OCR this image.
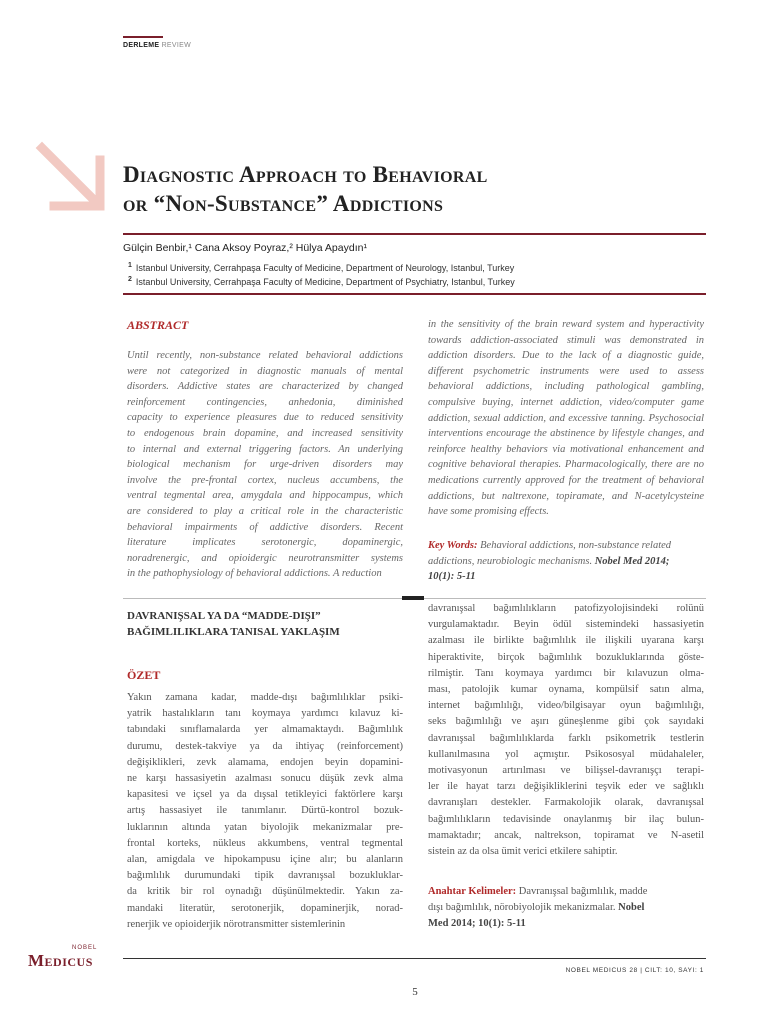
DERLEME REVIEW
Diagnostic Approach to Behavioral
or “Non-Substance” Addictions
Gülçin Benbir,¹ Cana Aksoy Poyraz,² Hülya Apaydın¹
$^1$ Istanbul University, Cerrahpaşa Faculty of Medicine, Department of Neurology, Istanbul, Turkey
$^2$ Istanbul University, Cerrahpaşa Faculty of Medicine, Department of Psychiatry, Istanbul, Turkey
ABSTRACT
Until recently, non-substance related behavioral addictions
were not categorized in diagnostic manuals of mental
disorders. Addictive states are characterized by changed
reinforcement contingencies, anhedonia, diminished
capacity to experience pleasures due to reduced sensitivity
to endogenous brain dopamine, and increased sensitivity
to internal and external triggering factors. An underlying
biological mechanism for urge-driven disorders may
involve the pre-frontal cortex, nucleus accumbens, the
ventral tegmental area, amygdala and hippocampus, which
are considered to play a critical role in the characteristic
behavioral impairments of addictive disorders. Recent
literature implicates serotonergic, dopaminergic,
noradrenergic, and opioidergic neurotransmitter systems
in the pathophysiology of behavioral addictions. A reduction
in the sensitivity of the brain reward system and hyperactivity
towards addiction-associated stimuli was demonstrated in
addiction disorders. Due to the lack of a diagnostic guide,
different psychometric instruments were used to assess
behavioral addictions, including pathological gambling,
compulsive buying, internet addiction, video/computer game
addiction, sexual addiction, and excessive tanning. Psychosocial
interventions encourage the abstinence by lifestyle changes, and
reinforce healthy behaviors via motivational enhancement and
cognitive behavioral therapies. Pharmacologically, there are no
medications currently approved for the treatment of behavioral
addictions, but naltrexone, topiramate, and N-acetylcysteine
have some promising effects.
Key Words: Behavioral addictions, non-substance related
addictions, neurobiologic mechanisms. Nobel Med 2014;
10(1): 5-11
DAVRANIŞSAL YA DA “MADDE-DIŞI”
BAĞIMLILIKLARA TANISAL YAKLAŞIM
ÖZET
Yakın zamana kadar, madde-dışı bağımlılıklar psiki-
yatrik hastalıkların tanı koymaya yardımcı kılavuz ki-
tabındaki sınıflamalarda yer almamaktaydı. Bağımlılık
durumu, destek-takviye ya da ihtiyaç (reinforcement)
değişiklikleri, zevk alamama, endojen beyin dopamini-
ne karşı hassasiyetin azalması sonucu düşük zevk alma
kapasitesi ve içsel ya da dışsal tetikleyici faktörlere karşı
artış hassasiyet ile tanımlanır. Dürtü-kontrol bozuk-
luklarının altında yatan biyolojik mekanizmalar pre-
frontal korteks, nükleus akkumbens, ventral tegmental
alan, amigdala ve hipokampusu içine alır; bu alanların
bağımlılık durumundaki tipik davranışsal bozukluklar-
da kritik bir rol oynadığı düşünülmektedir. Yakın za-
mandaki literatür, serotonerjik, dopaminerjik, norad-
renerjik ve opioiderjik nörotransmitter sistemlerinin
davranışsal bağımlılıkların patofizyolojisindeki rolünü
vurgulamaktadır. Beyin ödül sistemindeki hassasiyetin
azalması ile birlikte bağımlılık ile ilişkili uyarana karşı
hiperaktivite, birçok bağımlılık bozukluklarında göste-
rilmiştir. Tanı koymaya yardımcı bir kılavuzun olma-
ması, patolojik kumar oynama, kompülsif satın alma,
internet bağımlılığı, video/bilgisayar oyun bağımlılığı,
seks bağımlılığı ve aşırı güneşlenme gibi çok sayıdaki
davranışsal bağımlılıklarda farklı psikometrik testlerin
kullanılmasına yol açmıştır. Psikososyal müdahaleler,
motivasyonun artırılması ve bilişsel-davranışçı terapi-
ler ile hayat tarzı değişikliklerini teşvik eder ve sağlıklı
davranışları destekler. Farmakolojik olarak, davranışsal
bağımlılıkların tedavisinde onaylanmış bir ilaç bulun-
mamaktadır; ancak, naltrekson, topiramat ve N-asetil
sistein az da olsa ümit verici etkilere sahiptir.
Anahtar Kelimeler: Davranışsal bağımlılık, madde
dışı bağımlılık, nörobiyolojik mekanizmalar. Nobel
Med 2014; 10(1): 5-11
NOBEL
Medicus
NOBEL MEDICUS 28 | CILT: 10, SAYI: 1
5
